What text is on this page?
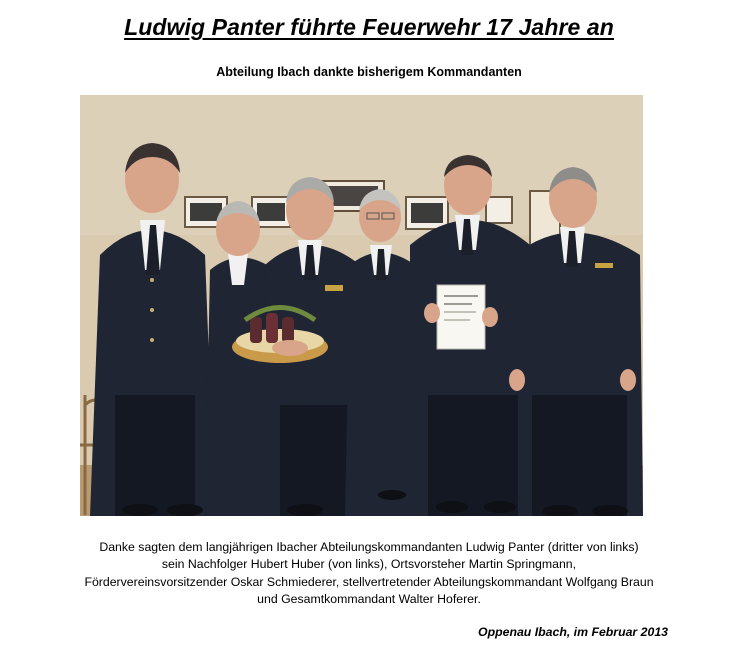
Ludwig Panter führte Feuerwehr 17 Jahre an
Abteilung Ibach dankte bisherigem Kommandanten
Danke sagten dem langjährigen Ibacher Abteilungskommandanten Ludwig Panter (dritter von links)
sein Nachfolger Hubert Huber (von links), Ortsvorsteher Martin Springmann,
Fördervereinsvorsitzender Oskar Schmiederer, stellvertretender Abteilungskommandant Wolfgang Braun
und Gesamtkommandant Walter Hoferer.
Oppenau Ibach, im Februar 2013
